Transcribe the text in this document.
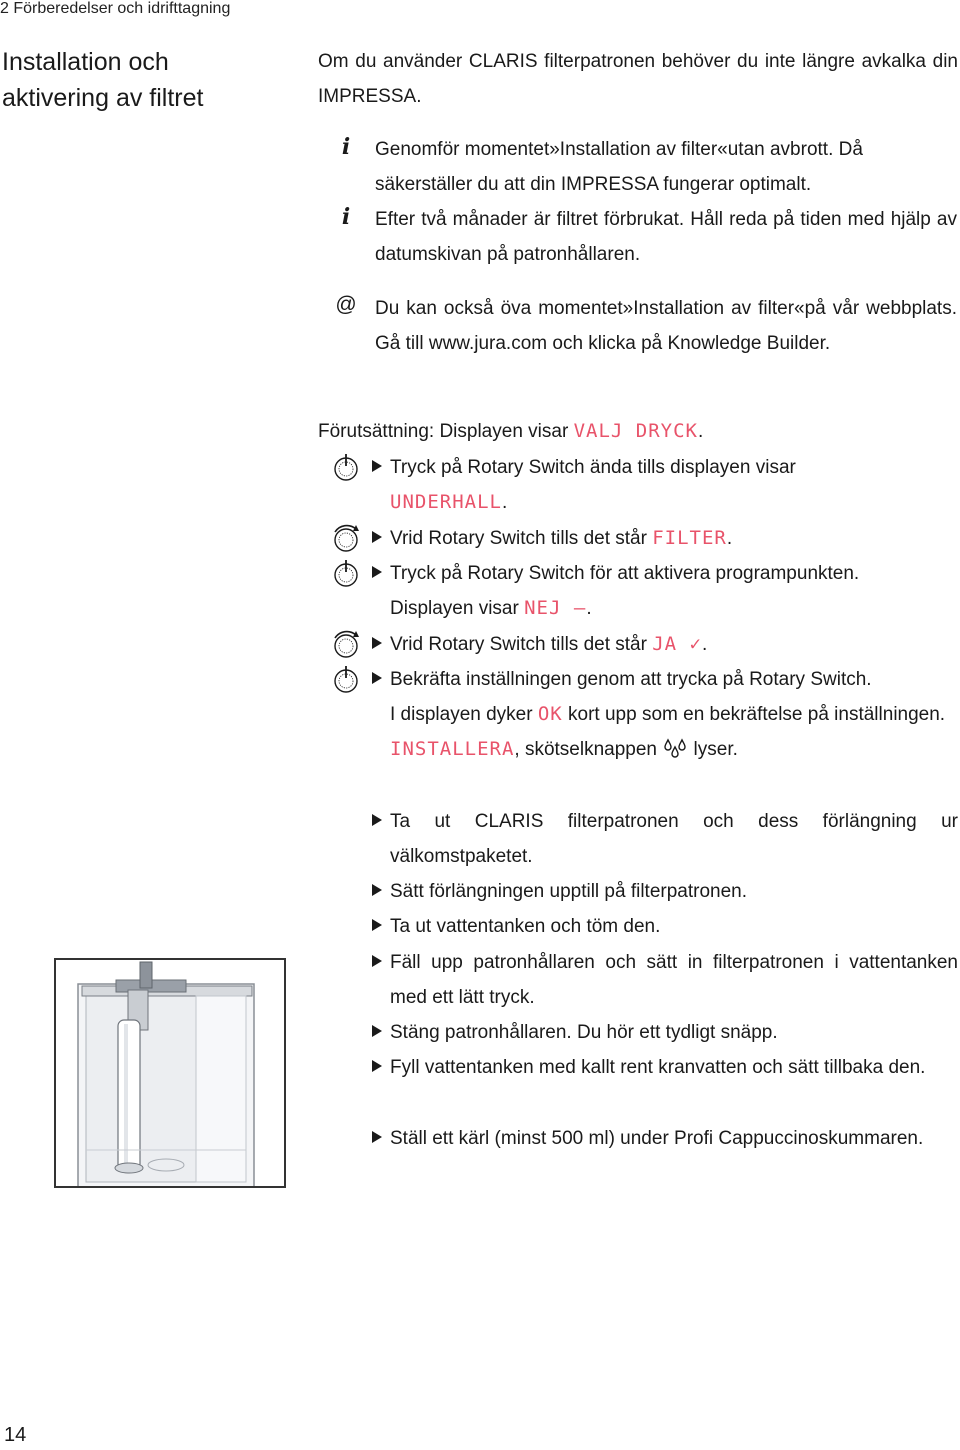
2 Förberedelser och idrifttagning
Installation och
aktivering av filtret
Om du använder CLARIS filterpatronen behöver du inte längre avkalka din IMPRESSA.
i	Genomför momentet»Installation av filter«utan avbrott. Då säkerställer du att din IMPRESSA fungerar optimalt.
i	Efter två månader är filtret förbrukat. Håll reda på tiden med hjälp av datumskivan på patronhållaren.
@ Du kan också öva momentet»Installation av filter«på vår webbplats. Gå till www.jura.com och klicka på Knowledge Builder.
Förutsättning: Displayen visar VALJ DRYCK.
Tryck på Rotary Switch ända tills displayen visar
UNDERHALL.
Vrid Rotary Switch tills det står FILTER.
Tryck på Rotary Switch för att aktivera programpunkten.
Displayen visar NEJ –.
Vrid Rotary Switch tills det står JA ✓.
Bekräfta inställningen genom att trycka på Rotary Switch.
I displayen dyker OK kort upp som en bekräftelse på inställningen.
INSTALLERA, skötselknappen  lyser.
Ta ut CLARIS filterpatronen och dess förlängning ur välkomstpaketet.
Sätt förlängningen upptill på filterpatronen.
Ta ut vattentanken och töm den.
Fäll upp patronhållaren och sätt in filterpatronen i vattentanken med ett lätt tryck.
Stäng patronhållaren. Du hör ett tydligt snäpp.
Fyll vattentanken med kallt rent kranvatten och sätt tillbaka den.
Ställ ett kärl (minst 500 ml) under Profi Cappuccinoskummaren.
14
